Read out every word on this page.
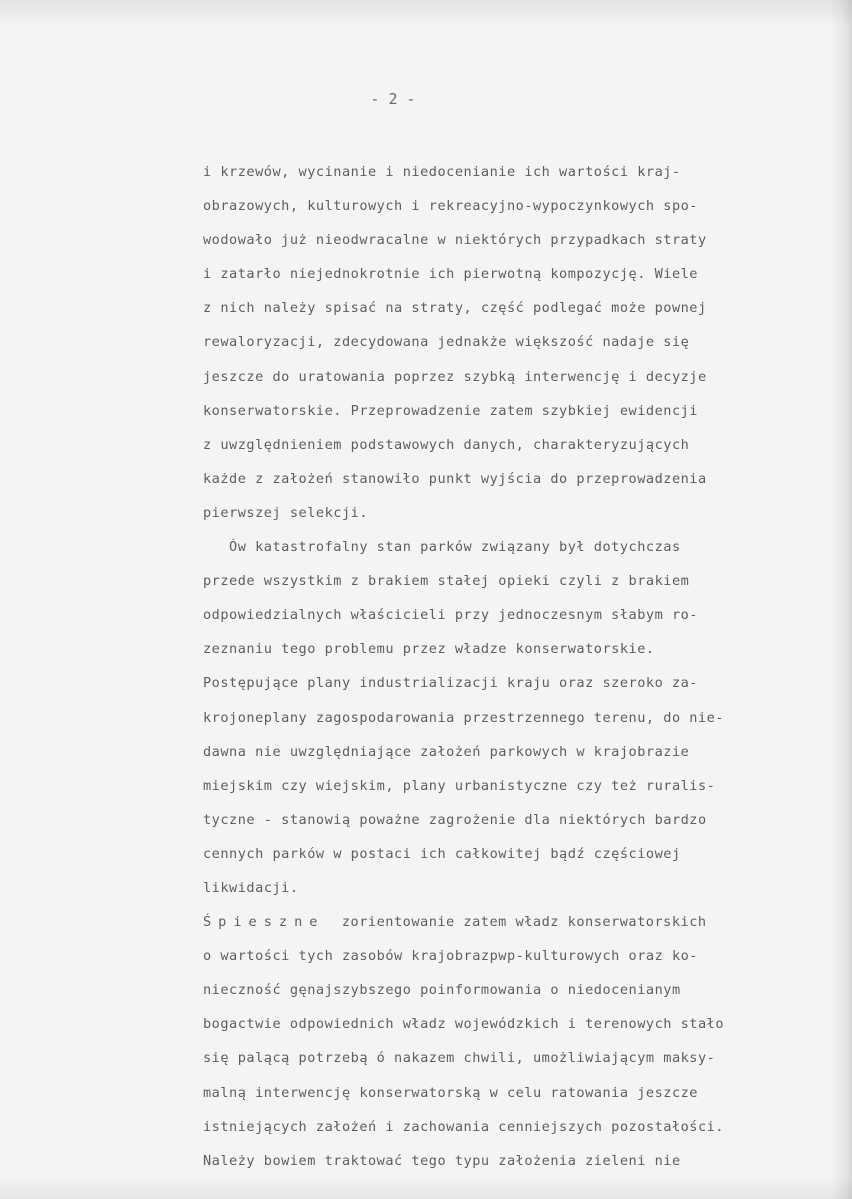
- 2 -
i krzewów, wycinanie i niedocenianie ich wartości kraj-
obrazowych, kulturowych i rekreacyjno-wypoczynkowych spo-
wodowało już nieodwracalne w niektórych przypadkach straty
i zatarło niejednokrotnie ich pierwotną kompozycję. Wiele
z nich należy spisać na straty, część podlegać może pownej
rewaloryzacji, zdecydowana jednakże większość nadaje się
jeszcze do uratowania poprzez szybką interwencję i decyzje
konserwatorskie. Przeprowadzenie zatem szybkiej ewidencji
z uwzględnieniem podstawowych danych, charakteryzujących
każde z założeń stanowiło punkt wyjścia do przeprowadzenia
pierwszej selekcji.
Ów katastrofalny stan parków związany był dotychczas
przede wszystkim z brakiem stałej opieki czyli z brakiem
odpowiedzialnych właścicieli przy jednoczesnym słabym ro-
zeznaniu tego problemu przez władze konserwatorskie.
Postępujące plany industrializacji kraju oraz szeroko za-
krojoneplany zagospodarowania przestrzennego terenu, do nie-
dawna nie uwzględniające założeń parkowych w krajobrazie
miejskim czy wiejskim, plany urbanistyczne czy też ruralis-
tyczne - stanowią poważne zagrożenie dla niektórych bardzo
cennych parków w postaci ich całkowitej bądź częściowej
likwidacji.
Śpieszne  zorientowanie zatem władz konserwatorskich
o wartości tych zasobów krajobrazpwp-kulturowych oraz ko-
nieczność gęnajszybszego poinformowania o niedocenianym
bogactwie odpowiednich władz wojewódzkich i terenowych stało
się palącą potrzebą ó nakazem chwili, umożliwiającym maksy-
malną interwencję konserwatorską w celu ratowania jeszcze
istniejących założeń i zachowania cenniejszych pozostałości.
Należy bowiem traktować tego typu założenia zieleni nie
